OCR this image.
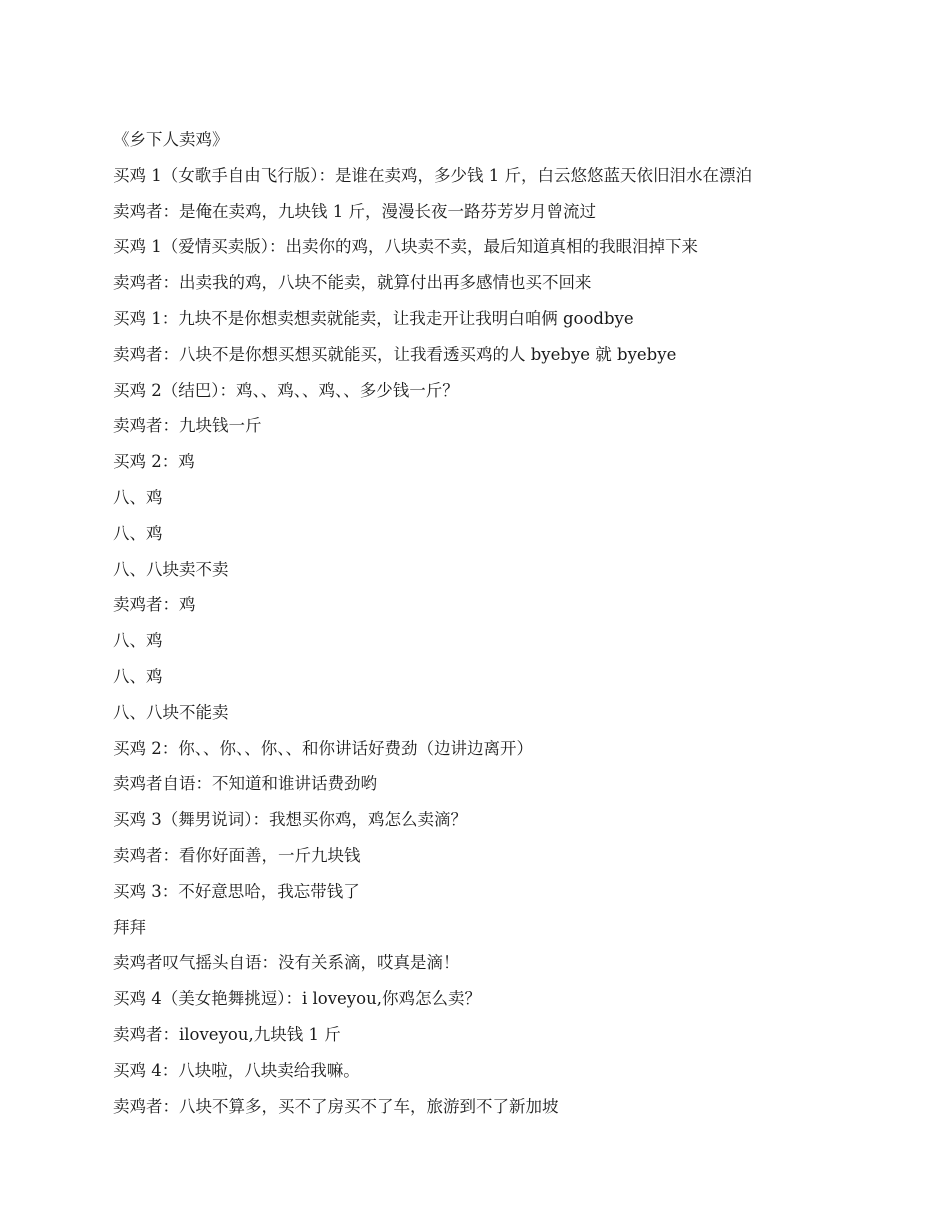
《乡下人卖鸡》
买鸡 1（女歌手自由飞行版）：是谁在卖鸡，多少钱 1 斤，白云悠悠蓝天依旧泪水在漂泊
卖鸡者：是俺在卖鸡，九块钱 1 斤，漫漫长夜一路芬芳岁月曾流过
买鸡 1（爱情买卖版）：出卖你的鸡，八块卖不卖，最后知道真相的我眼泪掉下来
卖鸡者：出卖我的鸡，八块不能卖，就算付出再多感情也买不回来
买鸡 1：九块不是你想卖想卖就能卖，让我走开让我明白咱俩 goodbye
卖鸡者：八块不是你想买想买就能买，让我看透买鸡的人 byebye 就 byebye
买鸡 2（结巴）：鸡、、鸡、、鸡、、多少钱一斤？
卖鸡者：九块钱一斤
买鸡 2：鸡
八、鸡
八、鸡
八、八块卖不卖
卖鸡者：鸡
八、鸡
八、鸡
八、八块不能卖
买鸡 2：你、、你、、你、、和你讲话好费劲（边讲边离开）
卖鸡者自语：不知道和谁讲话费劲哟
买鸡 3（舞男说词）：我想买你鸡，鸡怎么卖滴？
卖鸡者：看你好面善，一斤九块钱
买鸡 3：不好意思哈，我忘带钱了
拜拜
卖鸡者叹气摇头自语：没有关系滴，哎真是滴！
买鸡 4（美女艳舞挑逗）：i loveyou,你鸡怎么卖？
卖鸡者：iloveyou,九块钱 1 斤
买鸡 4：八块啦，八块卖给我嘛。
卖鸡者：八块不算多，买不了房买不了车，旅游到不了新加坡
